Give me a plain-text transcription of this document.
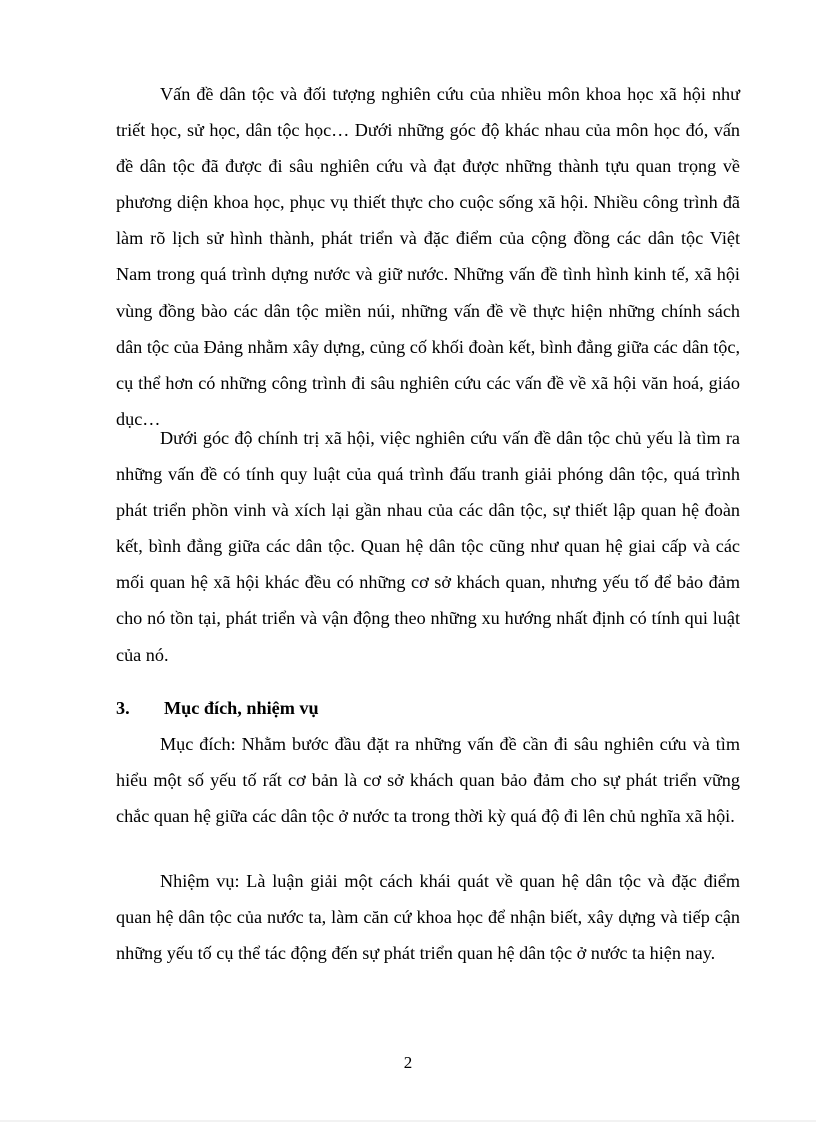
Vấn đề dân tộc và đối tượng nghiên cứu của nhiều môn khoa học xã hội như triết học, sử học, dân tộc học… Dưới những góc độ khác nhau của môn học đó, vấn đề dân tộc đã được đi sâu nghiên cứu và đạt được những thành tựu quan trọng về phương diện khoa học, phục vụ thiết thực cho cuộc sống xã hội. Nhiều công trình đã làm rõ lịch sử hình thành, phát triển và đặc điểm của cộng đồng các dân tộc Việt Nam trong quá trình dựng nước và giữ nước. Những vấn đề tình hình kinh tế, xã hội vùng đồng bào các dân tộc miền núi, những vấn đề về thực hiện những chính sách dân tộc của Đảng nhằm xây dựng, củng cố khối đoàn kết, bình đẳng giữa các dân tộc, cụ thể hơn có những công trình đi sâu nghiên cứu các vấn đề về xã hội văn hoá, giáo dục…

Dưới góc độ chính trị xã hội, việc nghiên cứu vấn đề dân tộc chủ yếu là tìm ra những vấn đề có tính quy luật của quá trình đấu tranh giải phóng dân tộc, quá trình phát triển phồn vinh và xích lại gần nhau của các dân tộc, sự thiết lập quan hệ đoàn kết, bình đẳng giữa các dân tộc. Quan hệ dân tộc cũng như quan hệ giai cấp và các mối quan hệ xã hội khác đều có những cơ sở khách quan, nhưng yếu tố để bảo đảm cho nó tồn tại, phát triển và vận động theo những xu hướng nhất định có tính qui luật của nó.

3. Mục đích, nhiệm vụ

Mục đích: Nhằm bước đầu đặt ra những vấn đề cần đi sâu nghiên cứu và tìm hiểu một số yếu tố rất cơ bản là cơ sở khách quan bảo đảm cho sự phát triển vững chắc quan hệ giữa các dân tộc ở nước ta trong thời kỳ quá độ đi lên chủ nghĩa xã hội.

Nhiệm vụ: Là luận giải một cách khái quát về quan hệ dân tộc và đặc điểm quan hệ dân tộc của nước ta, làm căn cứ khoa học để nhận biết, xây dựng và tiếp cận những yếu tố cụ thể tác động đến sự phát triển quan hệ dân tộc ở nước ta hiện nay.

2
